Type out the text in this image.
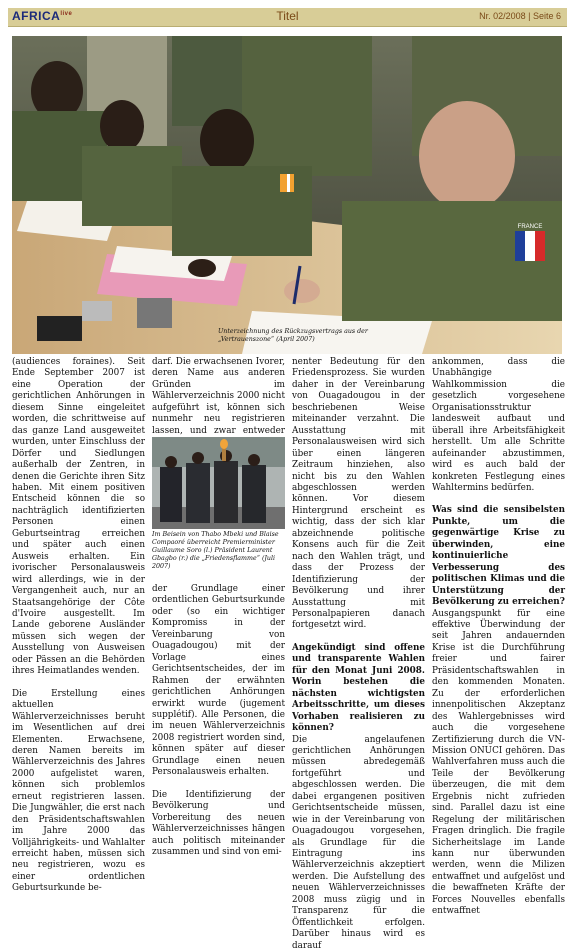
$AFRICA^{live}$	Titel	Nr. 02/2008 | Seite 6
FRANCE
Unterzeichnung des Rückzugsvertrags aus der „Vertrauenszone“ (April 2007)

(audiences foraines). Seit Ende September 2007 ist eine Operation der gerichtlichen Anhörungen in diesem Sinne eingeleitet worden, die schrittweise auf das ganze Land ausgeweitet wurden, unter Einschluss der Dörfer und Siedlungen außerhalb der Zentren, in denen die Gerichte ihren Sitz haben. Mit einem positiven Entscheid können die so nachträglich identifizierten Personen einen Geburtseintrag erreichen und später auch einen Ausweis erhalten. Ein ivorischer Personalausweis wird allerdings, wie in der Vergangenheit auch, nur an Staatsangehörige der Côte d'Ivoire ausgestellt. Im Lande geborene Ausländer müssen sich wegen der Ausstellung von Ausweisen oder Pässen an die Behörden ihres Heimatlandes wenden.

Die Erstellung eines aktuellen Wählerverzeichnisses beruht im Wesentlichen auf drei Elementen. Erwachsene, deren Namen bereits im Wählerverzeichnis des Jahres 2000 aufgelistet waren, können sich problemlos erneut registrieren lassen. Die Jungwähler, die erst nach den Präsidentschaftswahlen im Jahre 2000 das Volljährigkeits- und Wahlalter erreicht haben, müssen sich neu registrieren, wozu es einer ordentlichen Geburtsurkunde be-

darf. Die erwachsenen Ivorer, deren Name aus anderen Gründen im Wählerverzeichnis 2000 nicht aufgeführt ist, können sich nunmehr neu registrieren lassen, und zwar entweder

Im Beisein von Thabo Mbeki und Blaise Compaoré überreicht Premierminister Guillaume Soro (l.) Präsident Laurent Gbagbo (r.) die „Friedensflamme“ (Juli 2007)

der Grundlage einer ordentlichen Geburtsurkunde oder (so ein wichtiger Kompromiss in der Vereinbarung von Ouagadougou) mit der Vorlage eines Gerichtsentscheides, der im Rahmen der erwähnten gerichtlichen Anhörungen erwirkt wurde (jugement supplétif). Alle Personen, die im neuen Wählerverzeichnis 2008 registriert worden sind, können später auf dieser Grundlage einen neuen Personalausweis erhalten.

Die Identifizierung der Bevölkerung und Vorbereitung des neuen Wählerverzeichnisses hängen auch politisch miteinander zusammen und sind von emi-

nenter Bedeutung für den Friedensprozess. Sie wurden daher in der Vereinbarung von Ouagadougou in der beschriebenen Weise miteinander verzahnt. Die Ausstattung mit Personalausweisen wird sich über einen längeren Zeitraum hinziehen, also nicht bis zu den Wahlen abgeschlossen werden können. Vor diesem Hintergrund erscheint es wichtig, dass der sich klar abzeichnende politische Konsens auch für die Zeit nach den Wahlen trägt, und dass der Prozess der Identifizierung der Bevölkerung und ihrer Ausstattung mit Personalpapieren danach fortgesetzt wird.

Angekündigt sind offene und transparente Wahlen für den Monat Juni 2008. Worin bestehen die nächsten wichtigsten Arbeitsschritte, um dieses Vorhaben realisieren zu können?

Die angelaufenen gerichtlichen Anhörungen müssen abredegemäß fortgeführt und abgeschlossen werden. Die dabei ergangenen positiven Gerichtsentscheide müssen, wie in der Vereinbarung von Ouagadougou vorgesehen, als Grundlage für die Eintragung ins Wählerverzeichnis akzeptiert werden. Die Aufstellung des neuen Wählerverzeichnisses 2008 muss zügig und in Transparenz für die Öffentlichkeit erfolgen. Darüber hinaus wird es darauf

ankommen, dass die Unabhängige Wahlkommission die gesetzlich vorgesehene Organisationsstruktur landesweit aufbaut und überall ihre Arbeitsfähigkeit herstellt. Um alle Schritte aufeinander abzustimmen, wird es auch bald der konkreten Festlegung eines Wahltermins bedürfen.

Was sind die sensibelsten Punkte, um die gegenwärtige Krise zu überwinden, eine kontinuierliche Verbesserung des politischen Klimas und die Unterstützung der Bevölkerung zu erreichen?

Ausgangspunkt für eine effektive Überwindung der seit Jahren andauernden Krise ist die Durchführung freier und fairer Präsidentschaftswahlen in den kommenden Monaten. Zu der erforderlichen innenpolitischen Akzeptanz des Wahlergebnisses wird auch die vorgesehene Zertifizierung durch die VN-Mission ONUCI gehören. Das Wahlverfahren muss auch die Teile der Bevölkerung überzeugen, die mit dem Ergebnis nicht zufrieden sind. Parallel dazu ist eine Regelung der militärischen Fragen dringlich. Die fragile Sicherheitslage im Lande kann nur überwunden werden, wenn die Milizen entwaffnet und aufgelöst und die bewaffneten Kräfte der Forces Nouvelles ebenfalls entwaffnet
